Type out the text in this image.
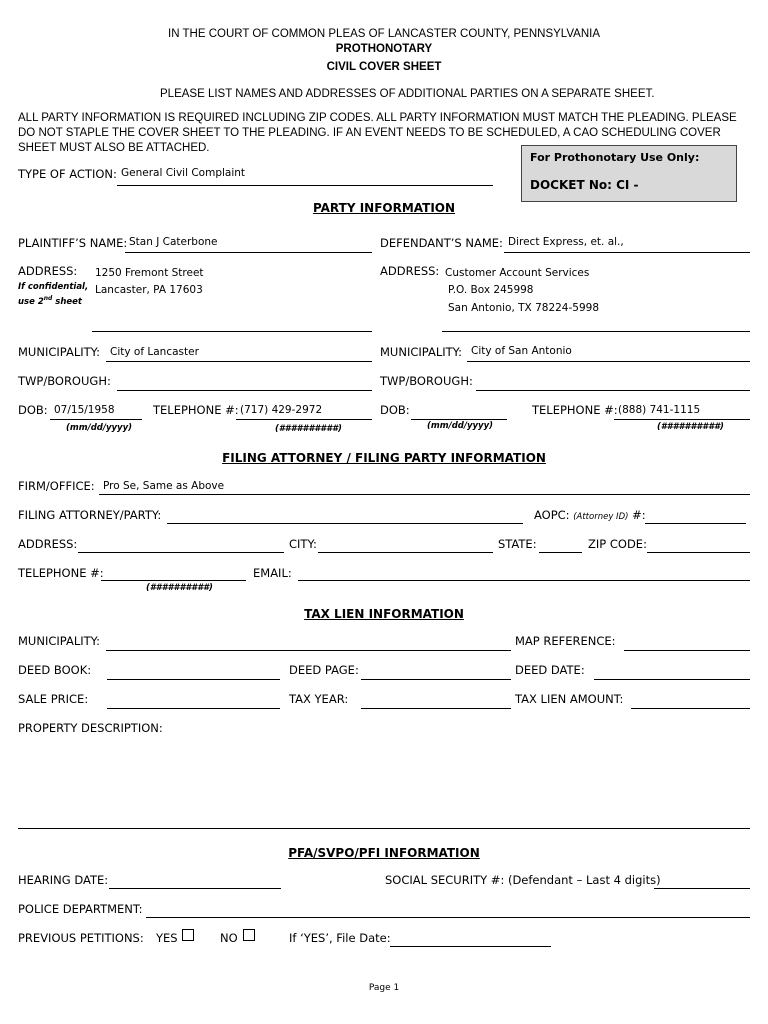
IN THE COURT OF COMMON PLEAS OF LANCASTER COUNTY, PENNSYLVANIA
PROTHONOTARY
CIVIL COVER SHEET
PLEASE LIST NAMES AND ADDRESSES OF ADDITIONAL PARTIES ON A SEPARATE SHEET.
ALL PARTY INFORMATION IS REQUIRED INCLUDING ZIP CODES. ALL PARTY INFORMATION MUST MATCH THE PLEADING. PLEASE
DO NOT STAPLE THE COVER SHEET TO THE PLEADING. IF AN EVENT NEEDS TO BE SCHEDULED, A CAO SCHEDULING COVER
SHEET MUST ALSO BE ATTACHED.
For Prothonotary Use Only:
DOCKET No: CI -
TYPE OF ACTION: General Civil Complaint
PARTY INFORMATION
PLAINTIFF’S NAME: Stan J Caterbone
ADDRESS:
If confidential,
use 2nd sheet
1250 Fremont Street
Lancaster, PA 17603
MUNICIPALITY: City of Lancaster
TWP/BOROUGH:
DOB: 07/15/1958
(mm/dd/yyyy)
TELEPHONE #: (717) 429-2972
(##########)
DEFENDANT’S NAME: Direct Express, et. al.,
ADDRESS: Customer Account Services
P.O. Box 245998
San Antonio, TX 78224-5998
MUNICIPALITY: City of San Antonio
TWP/BOROUGH:
DOB:
(mm/dd/yyyy)
TELEPHONE #: (888) 741-1115
(##########)
FILING ATTORNEY / FILING PARTY INFORMATION
FIRM/OFFICE: Pro Se, Same as Above
FILING ATTORNEY/PARTY:	AOPC: (Attorney ID) #:
ADDRESS:	CITY:	STATE:	ZIP CODE:
TELEPHONE #:
(##########)
EMAIL:
TAX LIEN INFORMATION
MUNICIPALITY:	MAP REFERENCE:
DEED BOOK:	DEED PAGE:	DEED DATE:
SALE PRICE:	TAX YEAR:	TAX LIEN AMOUNT:
PROPERTY DESCRIPTION:
PFA/SVPO/PFI INFORMATION
HEARING DATE:	SOCIAL SECURITY #: (Defendant – Last 4 digits)
POLICE DEPARTMENT:
PREVIOUS PETITIONS: YES	NO	If ‘YES’, File Date:
Page 1
